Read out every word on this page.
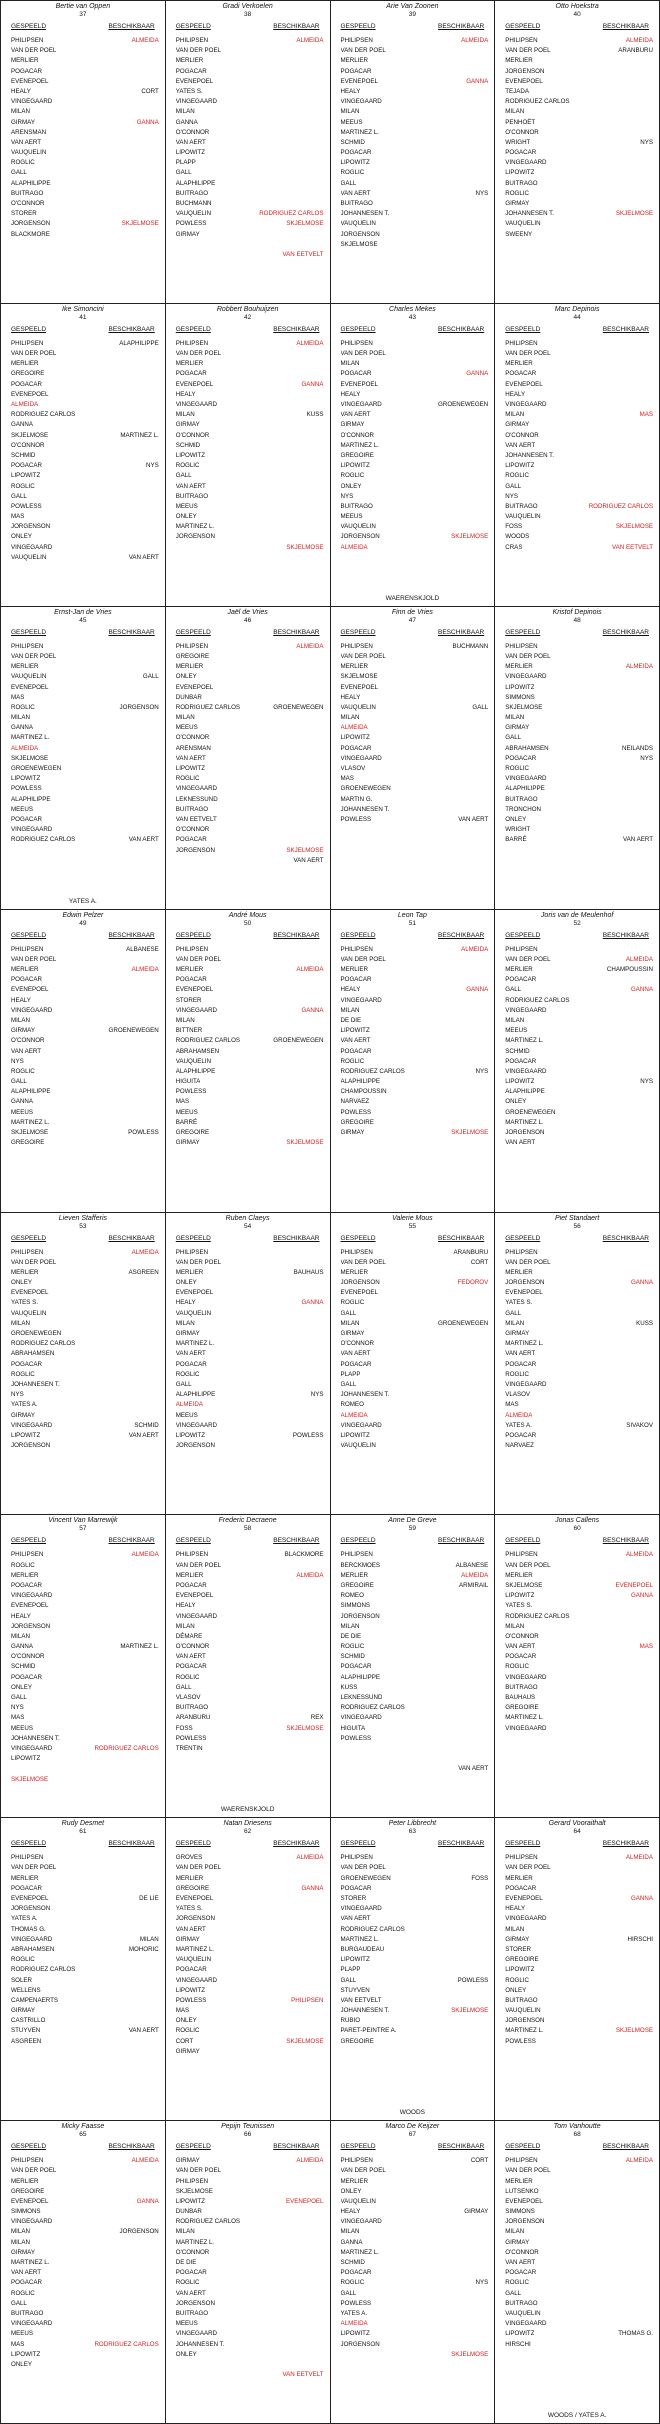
Bertie van Oppen
37
GESPEELD	BESCHIKBAAR
PHILIPSEN	ALMEIDA
VAN DER POEL
MERLIER
POGACAR
EVENEPOEL
HEALY	CORT
VINGEGAARD
MILAN
GIRMAY	GANNA
ARENSMAN
VAN AERT
VAUQUELIN
ROGLIC
GALL
ALAPHILIPPE
BUITRAGO
O'CONNOR
STORER
JORGENSON	SKJELMOSE
BLACKMORE
Gradi Verkoelen
38
GESPEELD	BESCHIKBAAR
PHILIPSEN	ALMEIDA
VAN DER POEL
MERLIER
POGACAR
EVENEPOEL
YATES S.
VINGEGAARD
MILAN
GANNA
O'CONNOR
VAN AERT
LIPOWITZ
PLAPP
GALL
ALAPHILIPPE
BUITRAGO
BUCHMANN
VAUQUELIN	RODRIGUEZ CARLOS
POWLESS	SKJELMOSE
GIRMAY
VAN EETVELT
Arie Van Zoonen
39
GESPEELD	BESCHIKBAAR
PHILIPSEN	ALMEIDA
VAN DER POEL
MERLIER
POGACAR
EVENEPOEL	GANNA
HEALY
VINGEGAARD
MILAN
MEEUS
MARTINEZ L.
SCHMID
POGACAR
LIPOWITZ
ROGLIC
GALL
VAN AERT	NYS
BUITRAGO
JOHANNESEN T.
VAUQUELIN
JORGENSON
SKJELMOSE
Otto Hoekstra
40
GESPEELD	BESCHIKBAAR
PHILIPSEN	ALMEIDA
VAN DER POEL	ARANBURU
MERLIER
JORGENSON
EVENEPOEL
TEJADA
RODRIGUEZ CARLOS
MILAN
PENHOËT
O'CONNOR
WRIGHT	NYS
POGACAR
VINGEGAARD
LIPOWITZ
BUITRAGO
ROGLIC
GIRMAY
JOHANNESEN T.	SKJELMOSE
VAUQUELIN
SWEENY
Ike Simoncini
41
GESPEELD	BESCHIKBAAR
PHILIPSEN	ALAPHILIPPE
VAN DER POEL
MERLIER
GREGOIRE
POGACAR
EVENEPOEL
ALMEIDA
RODRIGUEZ CARLOS
GANNA
SKJELMOSE	MARTINEZ L.
O'CONNOR
SCHMID
POGACAR	NYS
LIPOWITZ
ROGLIC
GALL
POWLESS
MAS
JORGENSON
ONLEY
VINGEGAARD
VAUQUELIN	VAN AERT
Robbert Bouhuijzen
42
GESPEELD	BESCHIKBAAR
PHILIPSEN	ALMEIDA
VAN DER POEL
MERLIER
POGACAR
EVENEPOEL	GANNA
HEALY
VINGEGAARD
MILAN	KUSS
GIRMAY
O'CONNOR
SCHMID
LIPOWITZ
ROGLIC
GALL
VAN AERT
BUITRAGO
MEEUS
ONLEY
MARTINEZ L.
JORGENSON
SKJELMOSE
Charles Mekes
43
GESPEELD	BESCHIKBAAR
PHILIPSEN
VAN DER POEL
MILAN
POGACAR	GANNA
EVENEPOEL
HEALY
VINGEGAARD	GROENEWEGEN
VAN AERT
GIRMAY
O'CONNOR
MARTINEZ L.
GREGOIRE
LIPOWITZ
ROGLIC
ONLEY
NYS
BUITRAGO
MEEUS
VAUQUELIN
JORGENSON	SKJELMOSE
ALMEIDA
WAERENSKJOLD
Marc Depinois
44
GESPEELD	BESCHIKBAAR
PHILIPSEN
VAN DER POEL
MERLIER
POGACAR
EVENEPOEL
HEALY
VINGEGAARD
MILAN	MAS
GIRMAY
O'CONNOR
VAN AERT
JOHANNESEN T.
LIPOWITZ
ROGLIC
GALL
NYS
BUITRAGO	RODRIGUEZ CARLOS
VAUQUELIN
FOSS	SKJELMOSE
WOODS
CRAS	VAN EETVELT
Ernst-Jan de Vries
45
GESPEELD	BESCHIKBAAR
PHILIPSEN
VAN DER POEL
MERLIER
VAUQUELIN	GALL
EVENEPOEL
MAS
ROGLIC	JORGENSON
MILAN
GANNA
MARTINEZ L.
ALMEIDA
SKJELMOSE
GROENEWEGEN
LIPOWITZ
POWLESS
ALAPHILIPPE
MEEUS
POGACAR
VINGEGAARD
RODRIGUEZ CARLOS	VAN AERT
YATES A.
Jaël de Vries
46
GESPEELD	BESCHIKBAAR
PHILIPSEN	ALMEIDA
GREGOIRE
MERLIER
ONLEY
EVENEPOEL
DUNBAR
RODRIGUEZ CARLOS	GROENEWEGEN
MILAN
MEEUS
O'CONNOR
ARENSMAN
VAN AERT
LIPOWITZ
ROGLIC
VINGEGAARD
LEKNESSUND
BUITRAGO
VAN EETVELT
O'CONNOR
POGACAR
JORGENSON	SKJELMOSE
VAN AERT
Finn de Vries
47
GESPEELD	BESCHIKBAAR
PHILIPSEN	BUCHMANN
VAN DER POEL
MERLIER
SKJELMOSE
EVENEPOEL
HEALY
VAUQUELIN	GALL
MILAN
ALMEIDA
LIPOWITZ
POGACAR
VINGEGAARD
VLASOV
MAS
GROENEWEGEN
MARTIN G.
JOHANNESEN T.
POWLESS	VAN AERT
Kristof Depinois
48
GESPEELD	BESCHIKBAAR
PHILIPSEN
VAN DER POEL
MERLIER	ALMEIDA
VINGEGAARD
LIPOWITZ
SIMMONS
SKJELMOSE
MILAN
GIRMAY
GALL
ABRAHAMSEN	NEILANDS
POGACAR	NYS
ROGLIC
VINGEGAARD
ALAPHILIPPE
BUITRAGO
TRONCHON
ONLEY
WRIGHT
BARRÉ	VAN AERT
Edwin Pelzer
49
GESPEELD	BESCHIKBAAR
PHILIPSEN	ALBANESE
VAN DER POEL
MERLIER	ALMEIDA
POGACAR
EVENEPOEL
HEALY
VINGEGAARD
MILAN
GIRMAY	GROENEWEGEN
O'CONNOR
VAN AERT
NYS
ROGLIC
GALL
ALAPHILIPPE
GANNA
MEEUS
MARTINEZ L.
SKJELMOSE	POWLESS
GREGOIRE
André Mous
50
GESPEELD	BESCHIKBAAR
PHILIPSEN
VAN DER POEL
MERLIER	ALMEIDA
POGACAR
EVENEPOEL
STORER
VINGEGAARD	GANNA
MILAN
BITTNER
RODRIGUEZ CARLOS	GROENEWEGEN
ABRAHAMSEN
VAUQUELIN
ALAPHILIPPE
HIGUITA
POWLESS
MAS
MEEUS
BARRÉ
GREGOIRE
GIRMAY	SKJELMOSE
Leon Tap
51
GESPEELD	BESCHIKBAAR
PHILIPSEN	ALMEIDA
VAN DER POEL
MERLIER
POGACAR
HEALY	GANNA
VINGEGAARD
MILAN
DE DIE
LIPOWITZ
VAN AERT
POGACAR
ROGLIC
RODRIGUEZ CARLOS	NYS
ALAPHILIPPE
CHAMPOUSSIN
NARVAEZ
POWLESS
GREGOIRE
GIRMAY	SKJELMOSE
Joris van de Meulenhof
52
GESPEELD	BESCHIKBAAR
PHILIPSEN
VAN DER POEL	ALMEIDA
MERLIER	CHAMPOUSSIN
POGACAR
GALL	GANNA
RODRIGUEZ CARLOS
VINGEGAARD
MILAN
MEEUS
MARTINEZ L.
SCHMID
POGACAR
VINGEGAARD
LIPOWITZ	NYS
ALAPHILIPPE
ONLEY
GROENEWEGEN
MARTINEZ L.
JORGENSON
VAN AERT
Lieven Stafferis
53
GESPEELD	BESCHIKBAAR
PHILIPSEN	ALMEIDA
VAN DER POEL
MERLIER	ASGREEN
ONLEY
EVENEPOEL
YATES S.
VAUQUELIN
MILAN
GROENEWEGEN
RODRIGUEZ CARLOS
ABRAHAMSEN
POGACAR
ROGLIC
JOHANNESEN T.
NYS
YATES A.
GIRMAY
VINGEGAARD	SCHMID
LIPOWITZ	VAN AERT
JORGENSON
Ruben Claeys
54
GESPEELD	BESCHIKBAAR
PHILIPSEN
VAN DER POEL
MERLIER	BAUHAUS
ONLEY
EVENEPOEL
HEALY	GANNA
VAUQUELIN
MILAN
GIRMAY
MARTINEZ L.
VAN AERT
POGACAR
ROGLIC
GALL
ALAPHILIPPE	NYS
ALMEIDA
MEEUS
VINGEGAARD
LIPOWITZ	POWLESS
JORGENSON
Valerie Mous
55
GESPEELD	BESCHIKBAAR
PHILIPSEN	ARANBURU
VAN DER POEL	CORT
MERLIER
JORGENSON	FEDOROV
EVENEPOEL
ROGLIC
GALL
MILAN	GROENEWEGEN
GIRMAY
O'CONNOR
VAN AERT
POGACAR
PLAPP
GALL
JOHANNESEN T.
ROMEO
ALMEIDA
VINGEGAARD
LIPOWITZ
VAUQUELIN
Piet Standaert
56
GESPEELD	BESCHIKBAAR
PHILIPSEN
VAN DER POEL
MERLIER
JORGENSON	GANNA
EVENEPOEL
YATES S.
GALL
MILAN	KUSS
GIRMAY
MARTINEZ L.
VAN AERT
POGACAR
ROGLIC
VINGEGAARD
VLASOV
MAS
ALMEIDA
YATES A.	SIVAKOV
POGACAR
NARVAEZ
Vincent Van Marrewijk
57
GESPEELD	BESCHIKBAAR
PHILIPSEN	ALMEIDA
ROGLIC
MERLIER
POGACAR
VINGEGAARD
EVENEPOEL
HEALY
JORGENSON
MILAN
GANNA	MARTINEZ L.
O'CONNOR
SCHMID
POGACAR
ONLEY
GALL
NYS
MAS
MEEUS
JOHANNESEN T.
VINGEGAARD	RODRIGUEZ CARLOS
LIPOWITZ
SKJELMOSE
Frederic Decraene
58
GESPEELD	BESCHIKBAAR
PHILIPSEN	BLACKMORE
VAN DER POEL
MERLIER	ALMEIDA
POGACAR
EVENEPOEL
HEALY
VINGEGAARD
MILAN
DÉMARE
O'CONNOR
VAN AERT
POGACAR
ROGLIC
GALL
VLASOV
BUITRAGO
ARANBURU	REX
FOSS	SKJELMOSE
POWLESS
TRENTIN
WAERENSKJOLD
Anne De Greve
59
GESPEELD	BESCHIKBAAR
PHILIPSEN
BERCKMOES	ALBANESE
MERLIER	ALMEIDA
GREGOIRE	ARMIRAIL
ROMEO
SIMMONS
JORGENSON
MILAN
DE DIE
ROGLIC
SCHMID
POGACAR
ALAPHILIPPE
KUSS
LEKNESSUND
RODRIGUEZ CARLOS
VINGEGAARD
HIGUITA
POWLESS
VAN AERT
Jonas Callens
60
GESPEELD	BESCHIKBAAR
PHILIPSEN	ALMEIDA
VAN DER POEL
MERLIER
SKJELMOSE	EVENEPOEL
LIPOWITZ	GANNA
YATES S.
RODRIGUEZ CARLOS
MILAN
O'CONNOR
VAN AERT	MAS
POGACAR
ROGLIC
VINGEGAARD
BUITRAGO
BAUHAUS
GREGOIRE
MARTINEZ L.
VINGEGAARD
Rudy Desmet
61
GESPEELD	BESCHIKBAAR
PHILIPSEN
VAN DER POEL
MERLIER
POGACAR
EVENEPOEL	DE LIE
JORGENSON
YATES A.
THOMAS G.
VINGEGAARD	MILAN
ABRAHAMSEN	MOHORIC
ROGLIC
RODRIGUEZ CARLOS
SOLER
WELLENS
CAMPENAERTS
GIRMAY
CASTRILLO
STUYVEN	VAN AERT
ASGREEN
Natan Driesens
62
GESPEELD	BESCHIKBAAR
GROVES	ALMEIDA
VAN DER POEL
MERLIER
GREGOIRE	GANNA
EVENEPOEL
YATES S.
JORGENSON
VAN AERT
GIRMAY
MARTINEZ L.
VAUQUELIN
POGACAR
VINGEGAARD
LIPOWITZ
POWLESS	PHILIPSEN
MAS
ONLEY
ROGLIC
CORT	SKJELMOSE
GIRMAY
Peter Libbrecht
63
GESPEELD	BESCHIKBAAR
PHILIPSEN
VAN DER POEL
GROENEWEGEN	FOSS
POGACAR
STORER
VINGEGAARD
VAN AERT
RODRIGUEZ CARLOS
MARTINEZ L.
BURGAUDEAU
LIPOWITZ
PLAPP
GALL	POWLESS
STUYVEN
VAN EETVELT
JOHANNESEN T.	SKJELMOSE
RUBIO
PARET-PEINTRE A.
GREGOIRE
WOODS
Gerard Vooraithalt
64
GESPEELD	BESCHIKBAAR
PHILIPSEN	ALMEIDA
VAN DER POEL
MERLIER
POGACAR
EVENEPOEL	GANNA
HEALY
VINGEGAARD
MILAN
GIRMAY	HIRSCHI
STORER
GREGOIRE
LIPOWITZ
ROGLIC
ONLEY
BUITRAGO
VAUQUELIN
JORGENSON
MARTINEZ L.	SKJELMOSE
POWLESS
Micky Faasse
65
GESPEELD	BESCHIKBAAR
PHILIPSEN	ALMEIDA
VAN DER POEL
MERLIER
GREGOIRE
EVENEPOEL	GANNA
SIMMONS
VINGEGAARD
MILAN	JORGENSON
MILAN
GIRMAY
MARTINEZ L.
VAN AERT
POGACAR
ROGLIC
GALL
BUITRAGO
VINGEGAARD
MEEUS
MAS	RODRIGUEZ CARLOS
LIPOWITZ
ONLEY
Pepijn Teunissen
66
GESPEELD	BESCHIKBAAR
GIRMAY	ALMEIDA
VAN DER POEL
PHILIPSEN
SKJELMOSE
LIPOWITZ	EVENEPOEL
DUNBAR
RODRIGUEZ CARLOS
MILAN
MARTINEZ L.
O'CONNOR
DE DIE
POGACAR
ROGLIC
VAN AERT
JORGENSON
BUITRAGO
MEEUS
VINGEGAARD
JOHANNESEN T.
ONLEY
VAN EETVELT
Marco De Keijzer
67
GESPEELD	BESCHIKBAAR
PHILIPSEN	CORT
VAN DER POEL
MERLIER
ONLEY
VAUQUELIN
HEALY	GIRMAY
VINGEGAARD
MILAN
GANNA
MARTINEZ L.
SCHMID
POGACAR
ROGLIC	NYS
GALL
POWLESS
YATES A.
ALMEIDA
LIPOWITZ
JORGENSON
SKJELMOSE
Tom Vanhoutte
68
GESPEELD	BESCHIKBAAR
PHILIPSEN	ALMEIDA
VAN DER POEL
MERLIER
LUTSENKO
EVENEPOEL
SIMMONS
JORGENSON
MILAN
GIRMAY
O'CONNOR
VAN AERT
POGACAR
ROGLIC
GALL
BUITRAGO
VAUQUELIN
VINGEGAARD
LIPOWITZ	THOMAS G.
HIRSCHI
WOODS / YATES A.
